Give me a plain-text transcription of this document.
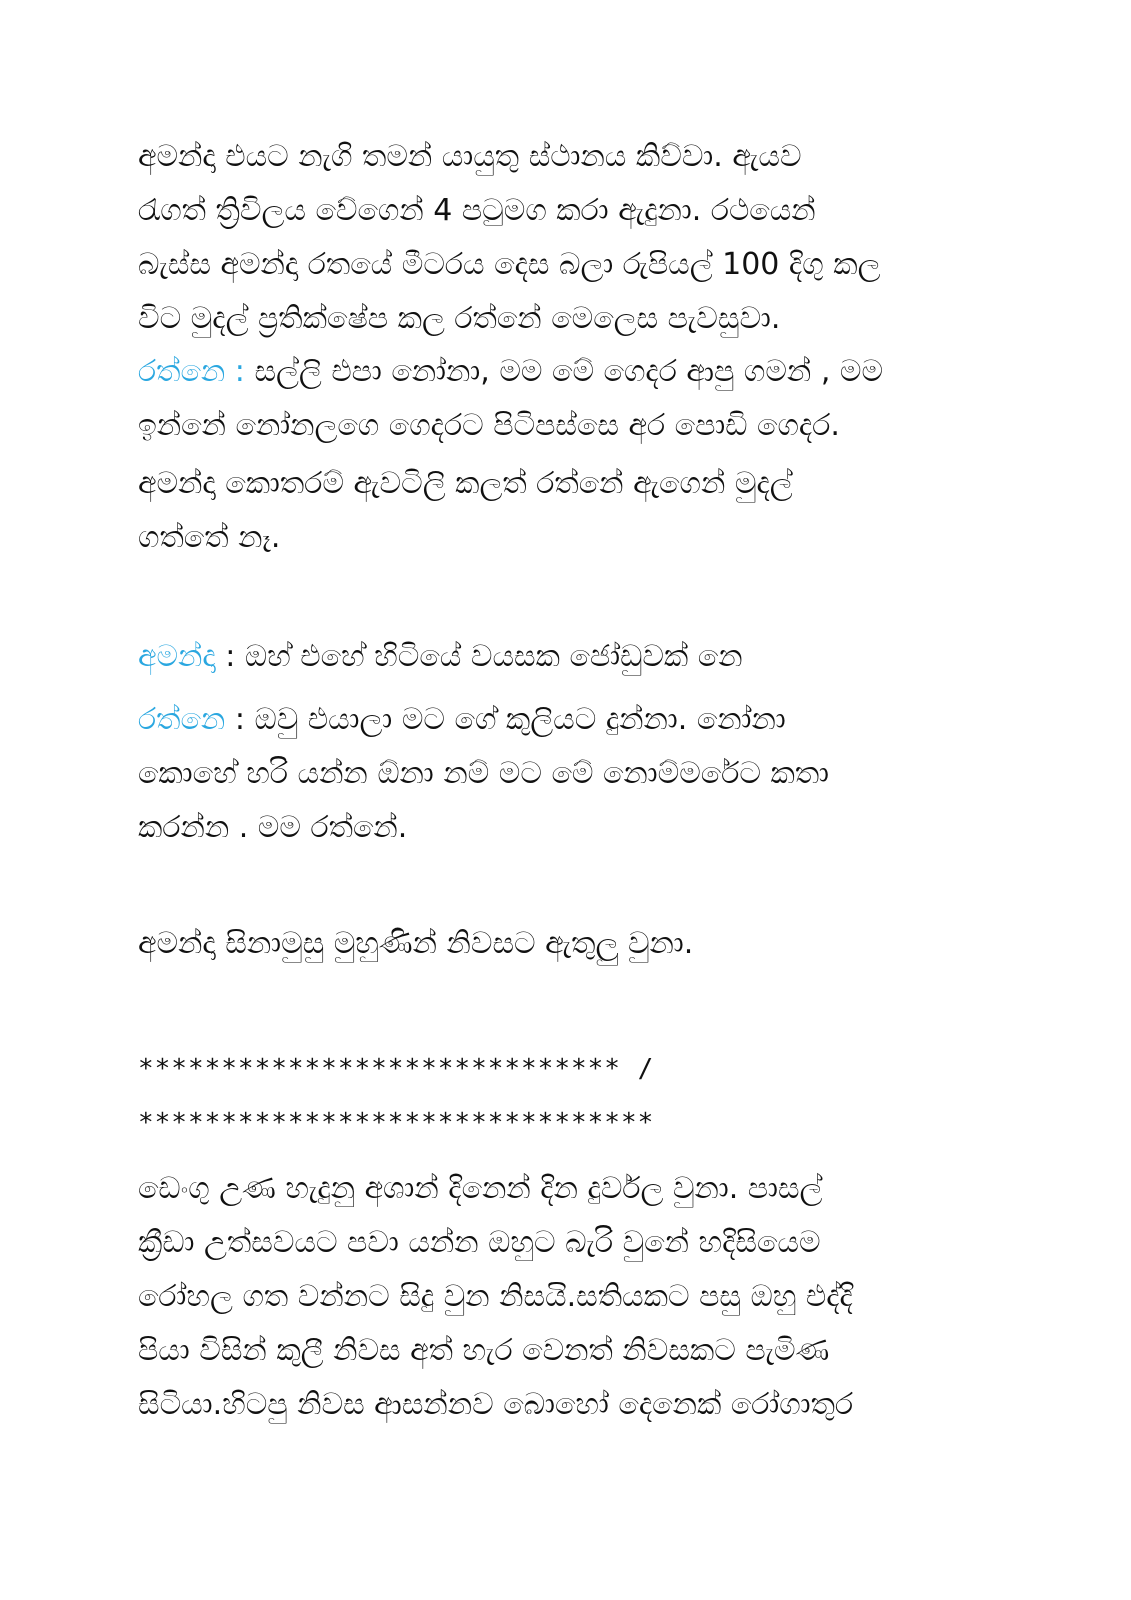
අමන්දා එයට නැගි තමන් යායුතු ස්ථානය කිව්වා. ඇයව
රැගත් ත්‍රිවිලය වේගෙන් 4 පටුමග කරා ඇදුනා. රථයෙන්
බැස්ස අමන්දා රතයේ මීටරය දෙස බලා රුපියල් 100 දිගු කල
විට මුදල් ප්‍රතික්ෂේප කල රත්නේ මෙලෙස පැවසුවා.

රත්නෙ : සල්ලි එපා නෝනා, මම මේ ගෙදර ආපු ගමන් , මම
ඉන්නේ නෝනලගෙ ගෙදරට පිටිපස්සෙ අර පොඩි ගෙදර.

අමන්දා කොතරම් ඇවටිලි කලත් රත්නේ ඇගෙන් මුදල්
ගත්තේ නෑ.

අමන්දා : ඔහ් එහේ හිටියේ වයසක ජෝඩුවක් නෙ

රත්නෙ : ඔවු එයාලා මට ගේ කුලියට දුන්නා. නෝනා
කොහේ හරි යන්න ඕනා නම් මට මේ නොම්මරේට කතා
කරන්න . මම රත්නේ.

අමන්දා සිනාමුසු මුහුණින් නිවසට ඇතුලු වුනා.

***************************** /
*******************************

ඩෙංගු උණ හැදුනු අශාන් දිනෙන් දින දුර්වල වුනා. පාසල්
ක්‍රීඩා උත්සවයට පවා යන්න ඔහුට බැරි වුනේ හදිසියෙම
රෝහල ගත වන්නට සිදු වුන නිසයි.සතියකට පසු ඔහු එද්දි
පියා විසින් කුලී නිවස අත් හැර වෙනත් නිවසකට පැමිණ
සිටියා.හිටපු නිවස ආසන්නව බොහෝ දෙනෙක් රෝගාතුර
